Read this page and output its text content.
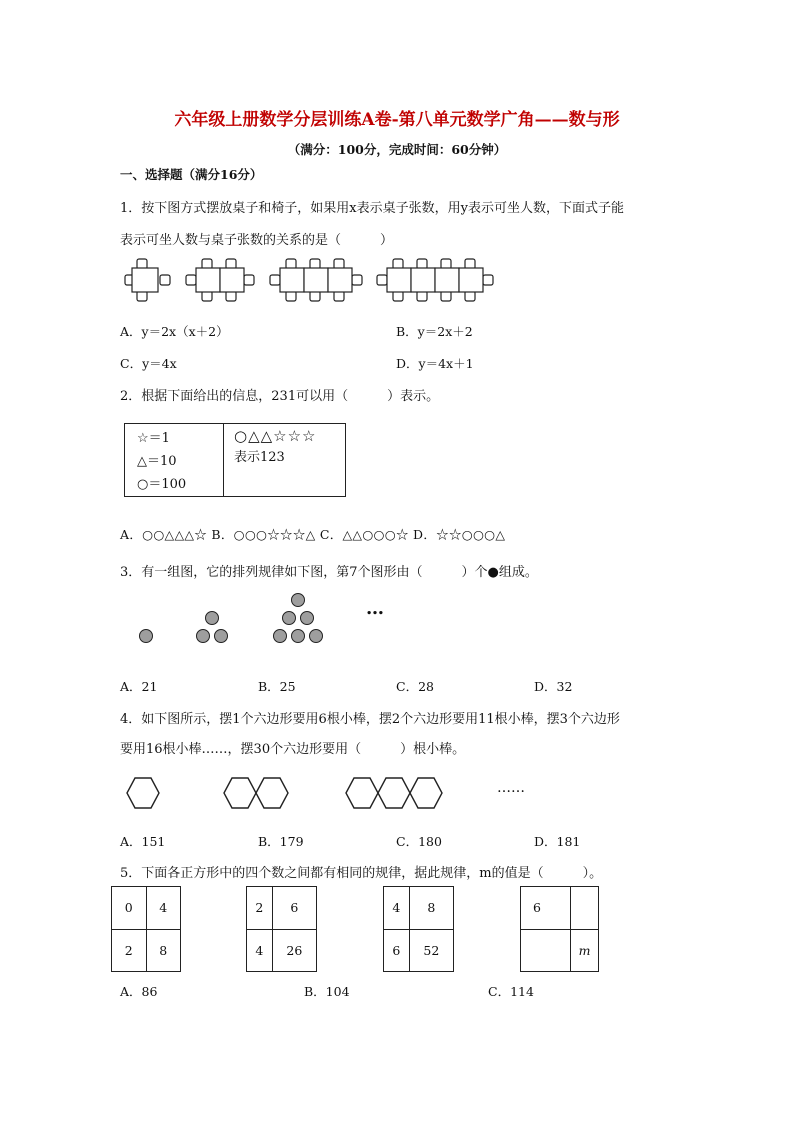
六年级上册数学分层训练A卷-第八单元数学广角——数与形
（满分：100分，完成时间：60分钟）
一、选择题（满分16分）
1．按下图方式摆放桌子和椅子，如果用x表示桌子张数，用y表示可坐人数，下面式子能
表示可坐人数与桌子张数的关系的是（　　　）
A．y＝2x（x＋2）	B．y＝2x＋2
C．y＝4x	D．y＝4x＋1
2．根据下面给出的信息，231可以用（　　　）表示。
☆＝1
△＝10
○＝100

○△△☆☆☆
表示123
A．○○△△△☆ B．○○○☆☆☆△ C．△△○○○☆ D．☆☆○○○△
3．有一组图，它的排列规律如下图，第7个图形由（　　　）个●组成。
…
A．21	B．25	C．28	D．32
4．如下图所示，摆1个六边形要用6根小棒，摆2个六边形要用11根小棒，摆3个六边形
要用16根小棒……，摆30个六边形要用（　　　）根小棒。
……
A．151	B．179	C．180	D．181
5．下面各正方形中的四个数之间都有相同的规律，据此规律，m的值是（　　　）。
0	4
2	8
2	6
4	26
4	8
6	52
6	
	m
A．86	B．104	C．114
